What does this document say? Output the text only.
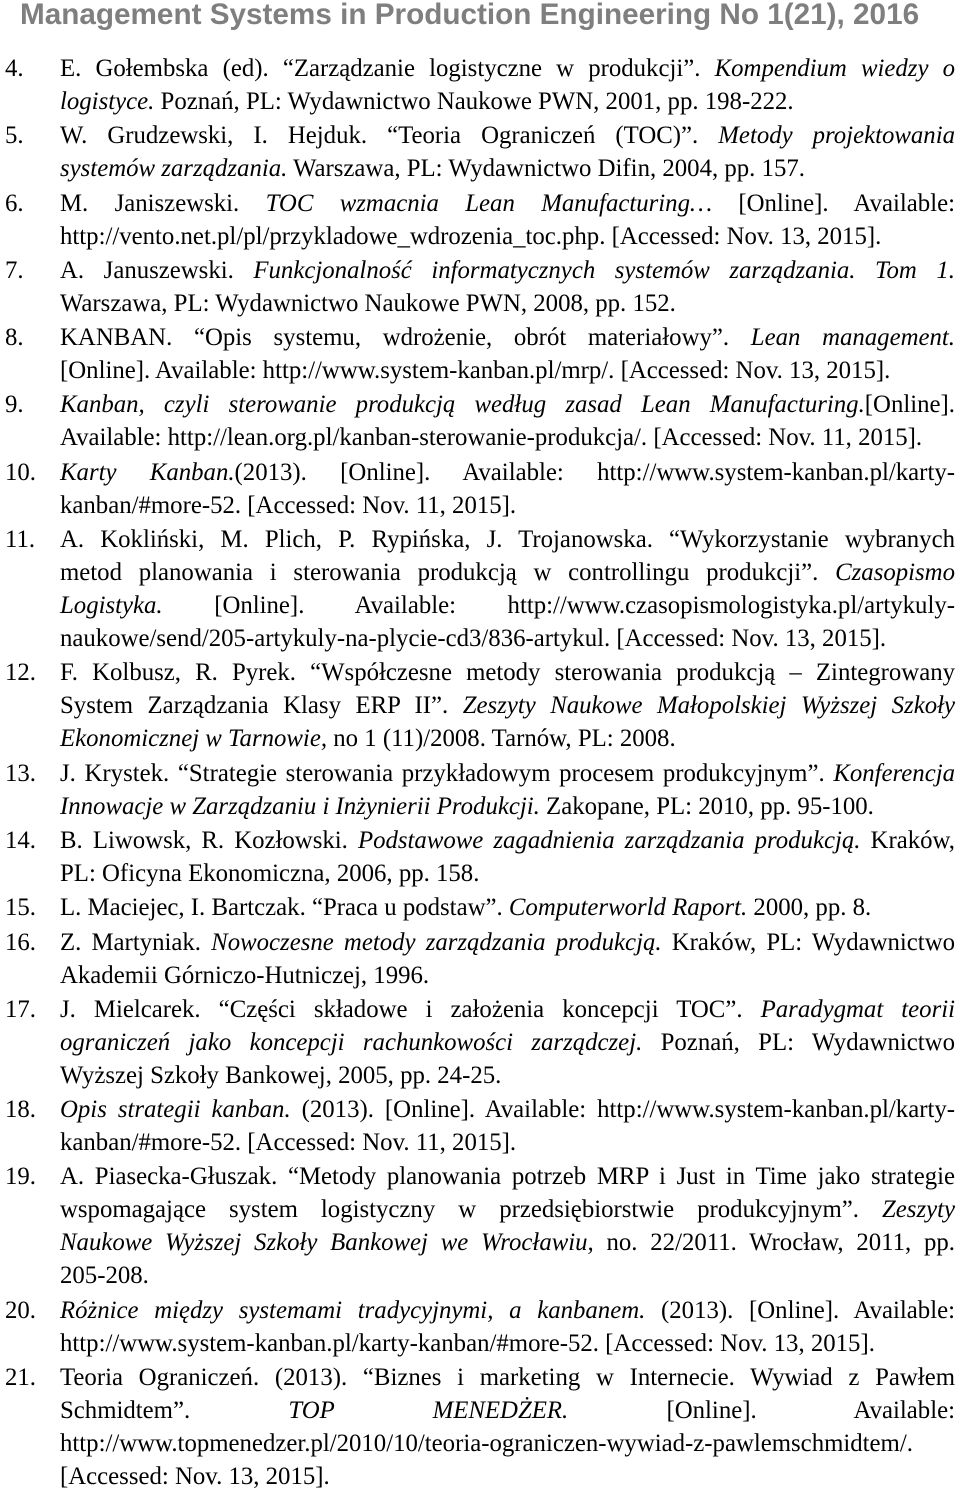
Management Systems in Production Engineering No 1(21), 2016
4.	E. Gołembska (ed). “Zarządzanie logistyczne w produkcji”. Kompendium wiedzy o
logistyce. Poznań, PL: Wydawnictwo Naukowe PWN, 2001, pp. 198-222.
5.	W. Grudzewski, I. Hejduk. “Teoria Ograniczeń (TOC)”. Metody projektowania
systemów zarządzania. Warszawa, PL: Wydawnictwo Difin, 2004, pp. 157.
6.	M. Janiszewski. TOC wzmacnia Lean Manufacturing… [Online]. Available:
http://vento.net.pl/pl/przykladowe_wdrozenia_toc.php. [Accessed: Nov. 13, 2015].
7.	A. Januszewski. Funkcjonalność informatycznych systemów zarządzania. Tom 1.
Warszawa, PL: Wydawnictwo Naukowe PWN, 2008, pp. 152.
8.	KANBAN. “Opis systemu, wdrożenie, obrót materiałowy”. Lean management.
[Online]. Available: http://www.system-kanban.pl/mrp/. [Accessed: Nov. 13, 2015].
9.	Kanban, czyli sterowanie produkcją według zasad Lean Manufacturing.[Online].
Available: http://lean.org.pl/kanban-sterowanie-produkcja/. [Accessed: Nov. 11, 2015].
10. Karty Kanban.(2013). [Online]. Available: http://www.system-kanban.pl/karty-
kanban/#more-52. [Accessed: Nov. 11, 2015].
11.	A. Kokliński, M. Plich, P. Rypińska, J. Trojanowska. “Wykorzystanie wybranych
metod planowania i sterowania produkcją w controllingu produkcji”. Czasopismo
Logistyka. [Online]. Available: http://www.czasopismologistyka.pl/artykuly-
naukowe/send/205-artykuly-na-plycie-cd3/836-artykul. [Accessed: Nov. 13, 2015].
12. F. Kolbusz, R. Pyrek. “Współczesne metody sterowania produkcją – Zintegrowany
System Zarządzania Klasy ERP II”. Zeszyty Naukowe Małopolskiej Wyższej Szkoły
Ekonomicznej w Tarnowie, no 1 (11)/2008. Tarnów, PL: 2008.
13. J. Krystek. “Strategie sterowania przykładowym procesem produkcyjnym”. Konferencja
Innowacje w Zarządzaniu i Inżynierii Produkcji. Zakopane, PL: 2010, pp. 95-100.
14. B. Liwowsk, R. Kozłowski. Podstawowe zagadnienia zarządzania produkcją. Kraków,
PL: Oficyna Ekonomiczna, 2006, pp. 158.
15. L. Maciejec, I. Bartczak. “Praca u podstaw”. Computerworld Raport. 2000, pp. 8.
16. Z. Martyniak. Nowoczesne metody zarządzania produkcją. Kraków, PL: Wydawnictwo
Akademii Górniczo-Hutniczej, 1996.
17. J. Mielcarek. “Części składowe i założenia koncepcji TOC”. Paradygmat teorii
ograniczeń jako koncepcji rachunkowości zarządczej. Poznań, PL: Wydawnictwo
Wyższej Szkoły Bankowej, 2005, pp. 24-25.
18. Opis strategii kanban. (2013). [Online]. Available: http://www.system-kanban.pl/karty-
kanban/#more-52. [Accessed: Nov. 11, 2015].
19. A. Piasecka-Głuszak. “Metody planowania potrzeb MRP i Just in Time jako strategie
wspomagające system logistyczny w przedsiębiorstwie produkcyjnym”. Zeszyty
Naukowe Wyższej Szkoły Bankowej we Wrocławiu, no. 22/2011. Wrocław, 2011, pp.
205-208.
20. Różnice między systemami tradycyjnymi, a kanbanem. (2013). [Online]. Available:
http://www.system-kanban.pl/karty-kanban/#more-52. [Accessed: Nov. 13, 2015].
21. Teoria Ograniczeń. (2013). “Biznes i marketing w Internecie. Wywiad z Pawłem
Schmidtem”. TOP MENEDŻER. [Online]. Available:
http://www.topmenedzer.pl/2010/10/teoria-ograniczen-wywiad-z-pawlemschmidtem/.
[Accessed: Nov. 13, 2015].
